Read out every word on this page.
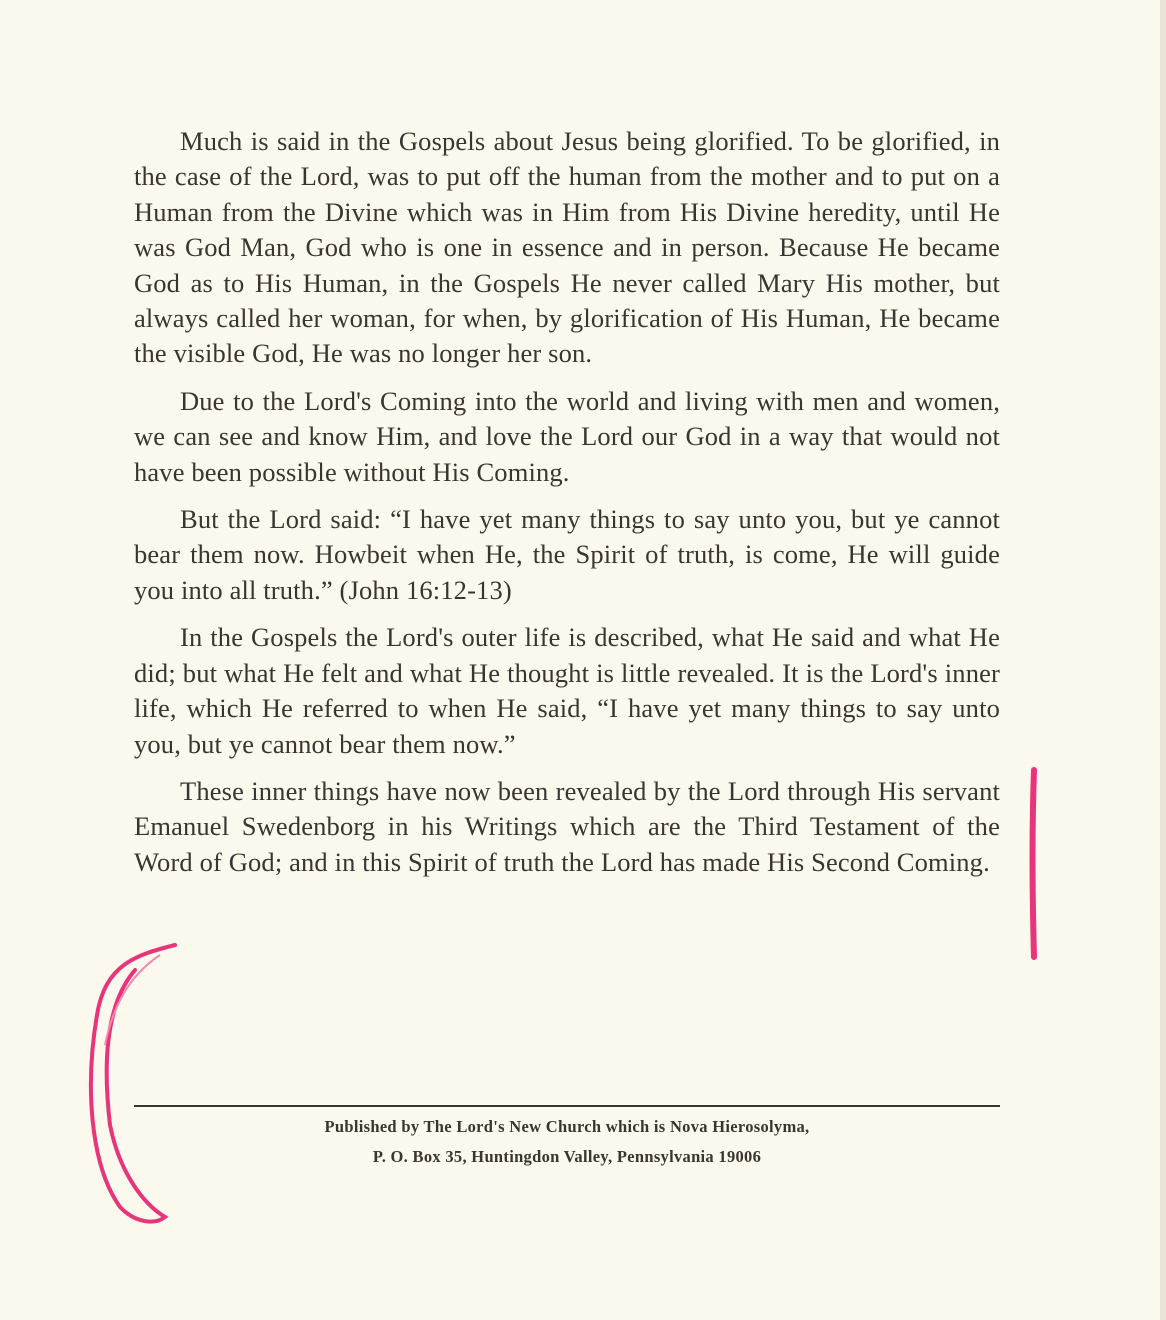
Much is said in the Gospels about Jesus being glorified. To be glorified, in the case of the Lord, was to put off the human from the mother and to put on a Human from the Divine which was in Him from His Divine heredity, until He was God Man, God who is one in essence and in person. Because He became God as to His Human, in the Gospels He never called Mary His mother, but always called her woman, for when, by glorification of His Human, He became the visible God, He was no longer her son.

Due to the Lord's Coming into the world and living with men and women, we can see and know Him, and love the Lord our God in a way that would not have been possible without His Coming.

But the Lord said: “I have yet many things to say unto you, but ye cannot bear them now. Howbeit when He, the Spirit of truth, is come, He will guide you into all truth.” (John 16:12-13)

In the Gospels the Lord's outer life is described, what He said and what He did; but what He felt and what He thought is little revealed. It is the Lord's inner life, which He referred to when He said, “I have yet many things to say unto you, but ye cannot bear them now.”

These inner things have now been revealed by the Lord through His servant Emanuel Swedenborg in his Writings which are the Third Testament of the Word of God; and in this Spirit of truth the Lord has made His Second Coming.

Published by The Lord's New Church which is Nova Hierosolyma,
P. O. Box 35, Huntingdon Valley, Pennsylvania 19006
